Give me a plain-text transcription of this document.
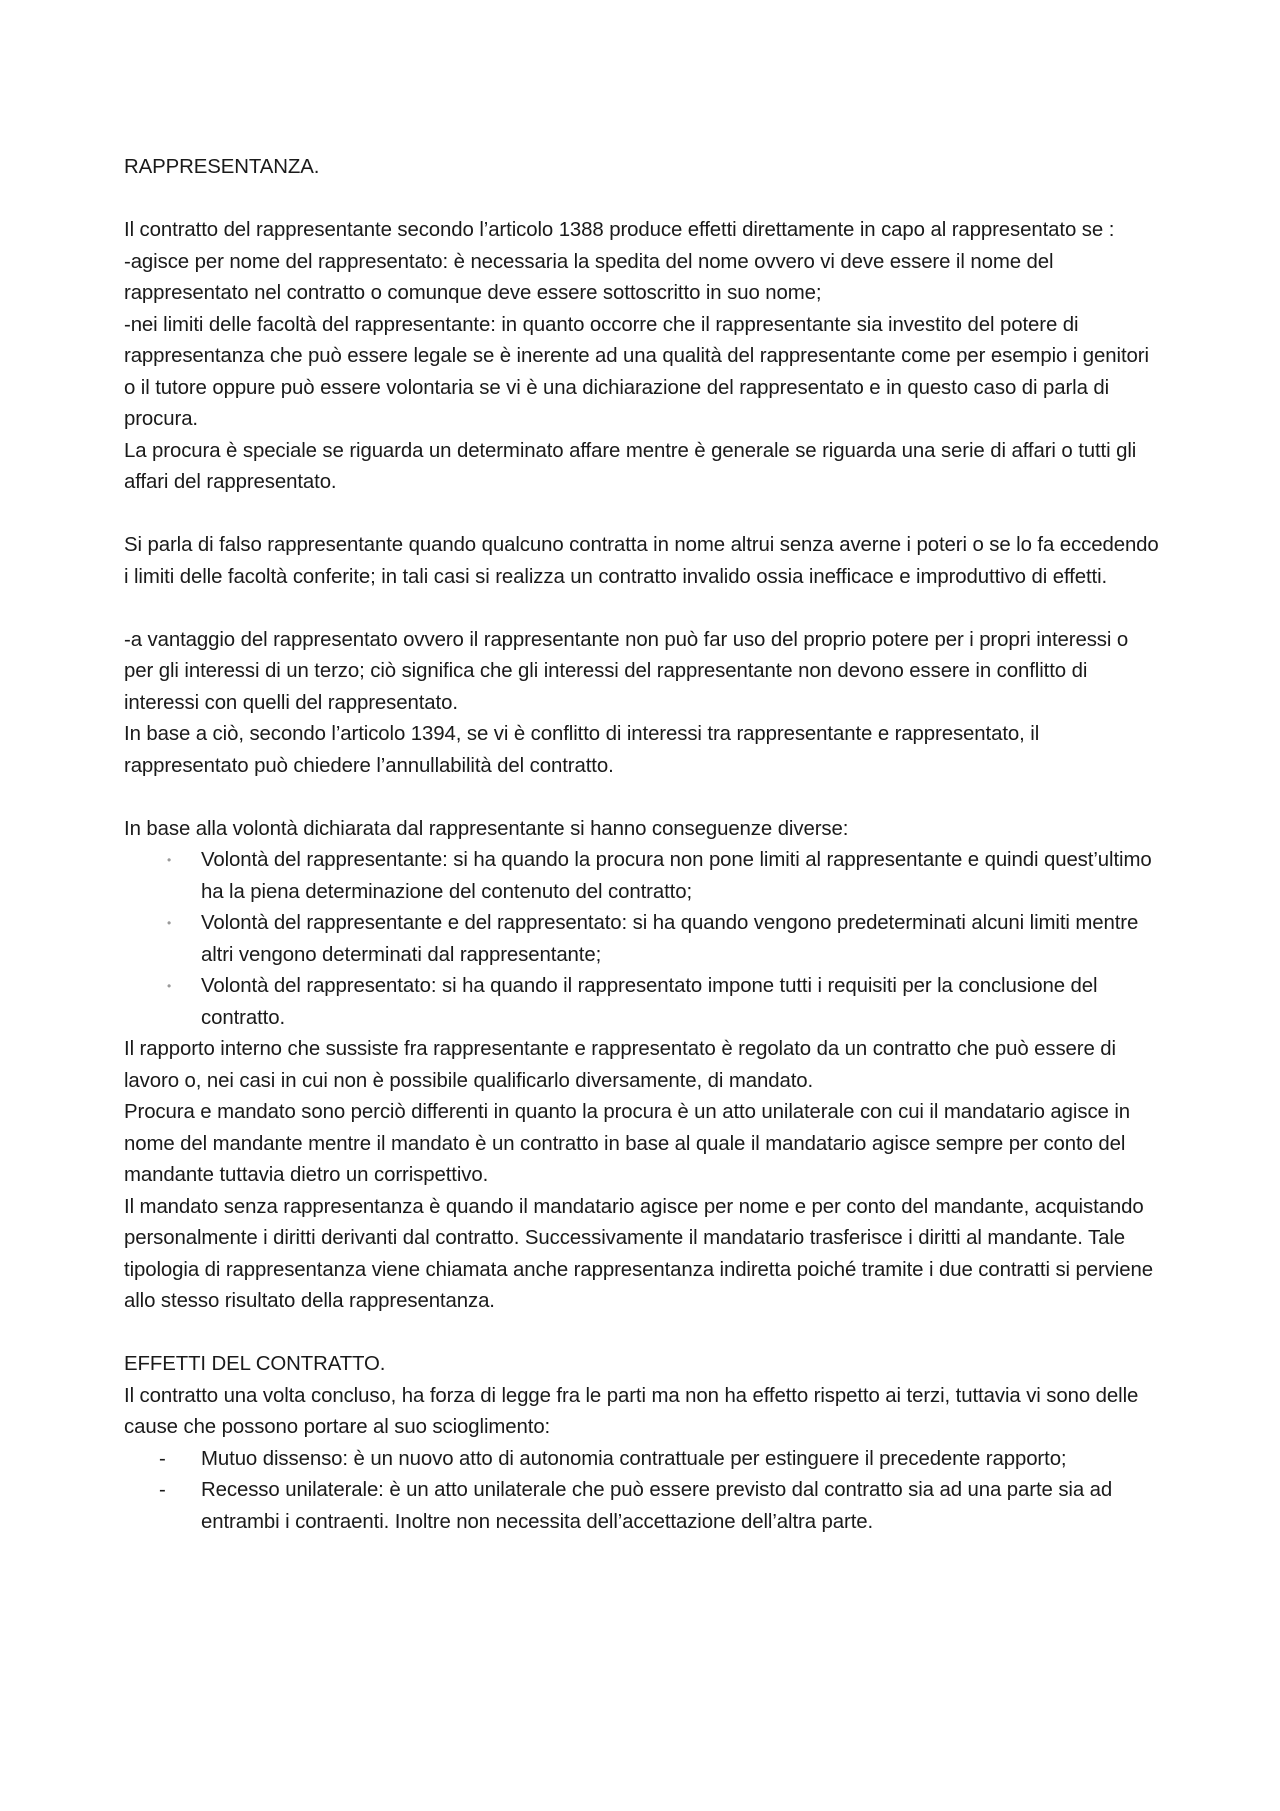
RAPPRESENTANZA.

Il contratto del rappresentante secondo l’articolo 1388 produce effetti direttamente in capo al rappresentato se :

-agisce per nome del rappresentato: è necessaria la spedita del nome ovvero vi deve essere il nome del rappresentato nel contratto o comunque deve essere sottoscritto in suo nome;

-nei limiti delle facoltà del rappresentante: in quanto occorre che il rappresentante sia investito del potere di rappresentanza che può essere legale se è inerente ad una qualità del rappresentante come per esempio i genitori o il tutore oppure può essere volontaria se vi è una dichiarazione del rappresentato e in questo caso di parla di procura.

La procura è speciale se riguarda un determinato affare mentre è generale se riguarda una serie di affari o tutti gli affari del rappresentato.

Si parla di falso rappresentante quando qualcuno contratta in nome altrui senza averne i poteri o se lo fa eccedendo i limiti delle facoltà conferite; in tali casi si realizza un contratto invalido ossia inefficace e improduttivo di effetti.

-a vantaggio del rappresentato ovvero il rappresentante non può far uso del proprio potere per i propri interessi o per gli interessi di un terzo; ciò significa che gli interessi del rappresentante non devono essere in conflitto di interessi con quelli del rappresentato.

In base a ciò, secondo l’articolo 1394, se vi è conflitto di interessi tra rappresentante e rappresentato, il rappresentato può chiedere l’annullabilità del contratto.

In base alla volontà dichiarata dal rappresentante si hanno conseguenze diverse:

• Volontà del rappresentante: si ha quando la procura non pone limiti al rappresentante e quindi quest’ultimo ha la piena determinazione del contenuto del contratto;
• Volontà del rappresentante e del rappresentato: si ha quando vengono predeterminati alcuni limiti mentre altri vengono determinati dal rappresentante;
• Volontà del rappresentato: si ha quando il rappresentato impone tutti i requisiti per la conclusione del contratto.

Il rapporto interno che sussiste fra rappresentante e rappresentato è regolato da un contratto che può essere di lavoro o, nei casi in cui non è possibile qualificarlo diversamente, di mandato.

Procura e mandato sono perciò differenti in quanto la procura è un atto unilaterale con cui il mandatario agisce in nome del mandante mentre il mandato è un contratto in base al quale il mandatario agisce sempre per conto del mandante tuttavia dietro un corrispettivo.

Il mandato senza rappresentanza è quando il mandatario agisce per nome e per conto del mandante, acquistando personalmente i diritti derivanti dal contratto. Successivamente il mandatario trasferisce i diritti al mandante. Tale tipologia di rappresentanza viene chiamata anche rappresentanza indiretta poiché tramite i due contratti si perviene allo stesso risultato della rappresentanza.

EFFETTI DEL CONTRATTO.

Il contratto una volta concluso, ha forza di legge fra le parti ma non ha effetto rispetto ai terzi, tuttavia vi sono delle cause che possono portare al suo scioglimento:

- Mutuo dissenso: è un nuovo atto di autonomia contrattuale per estinguere il precedente rapporto;
- Recesso unilaterale: è un atto unilaterale che può essere previsto dal contratto sia ad una parte sia ad entrambi i contraenti. Inoltre non necessita dell’accettazione dell’altra parte.
